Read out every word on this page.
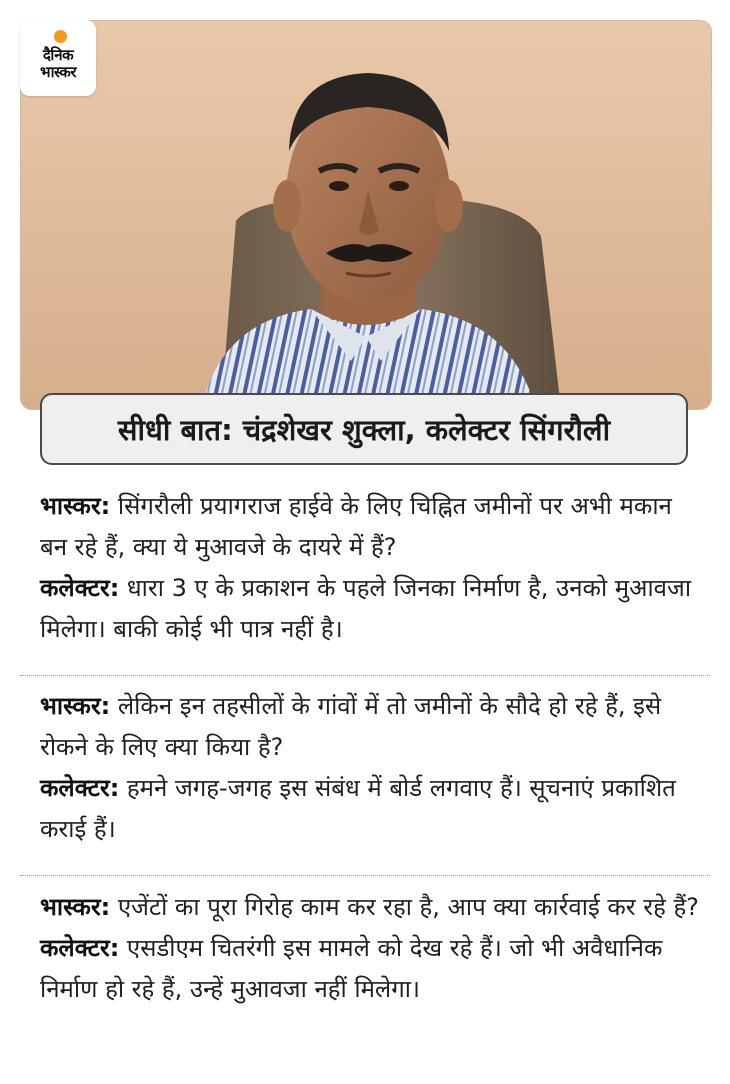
दैनिक
भास्कर
सीधी बात: चंद्रशेखर शुक्ला, कलेक्टर सिंगरौली

भास्कर: सिंगरौली प्रयागराज हाईवे के लिए चिह्नित जमीनों पर अभी मकान बन रहे हैं, क्या ये मुआवजे के दायरे में हैं?

कलेक्टर: धारा 3 ए के प्रकाशन के पहले जिनका निर्माण है, उनको मुआवजा मिलेगा। बाकी कोई भी पात्र नहीं है।

भास्कर: लेकिन इन तहसीलों के गांवों में तो जमीनों के सौदे हो रहे हैं, इसे रोकने के लिए क्या किया है?

कलेक्टर: हमने जगह-जगह इस संबंध में बोर्ड लगवाए हैं। सूचनाएं प्रकाशित कराई हैं।

भास्कर: एजेंटों का पूरा गिरोह काम कर रहा है, आप क्या कार्रवाई कर रहे हैं?

कलेक्टर: एसडीएम चितरंगी इस मामले को देख रहे हैं। जो भी अवैधानिक निर्माण हो रहे हैं, उन्हें मुआवजा नहीं मिलेगा।
